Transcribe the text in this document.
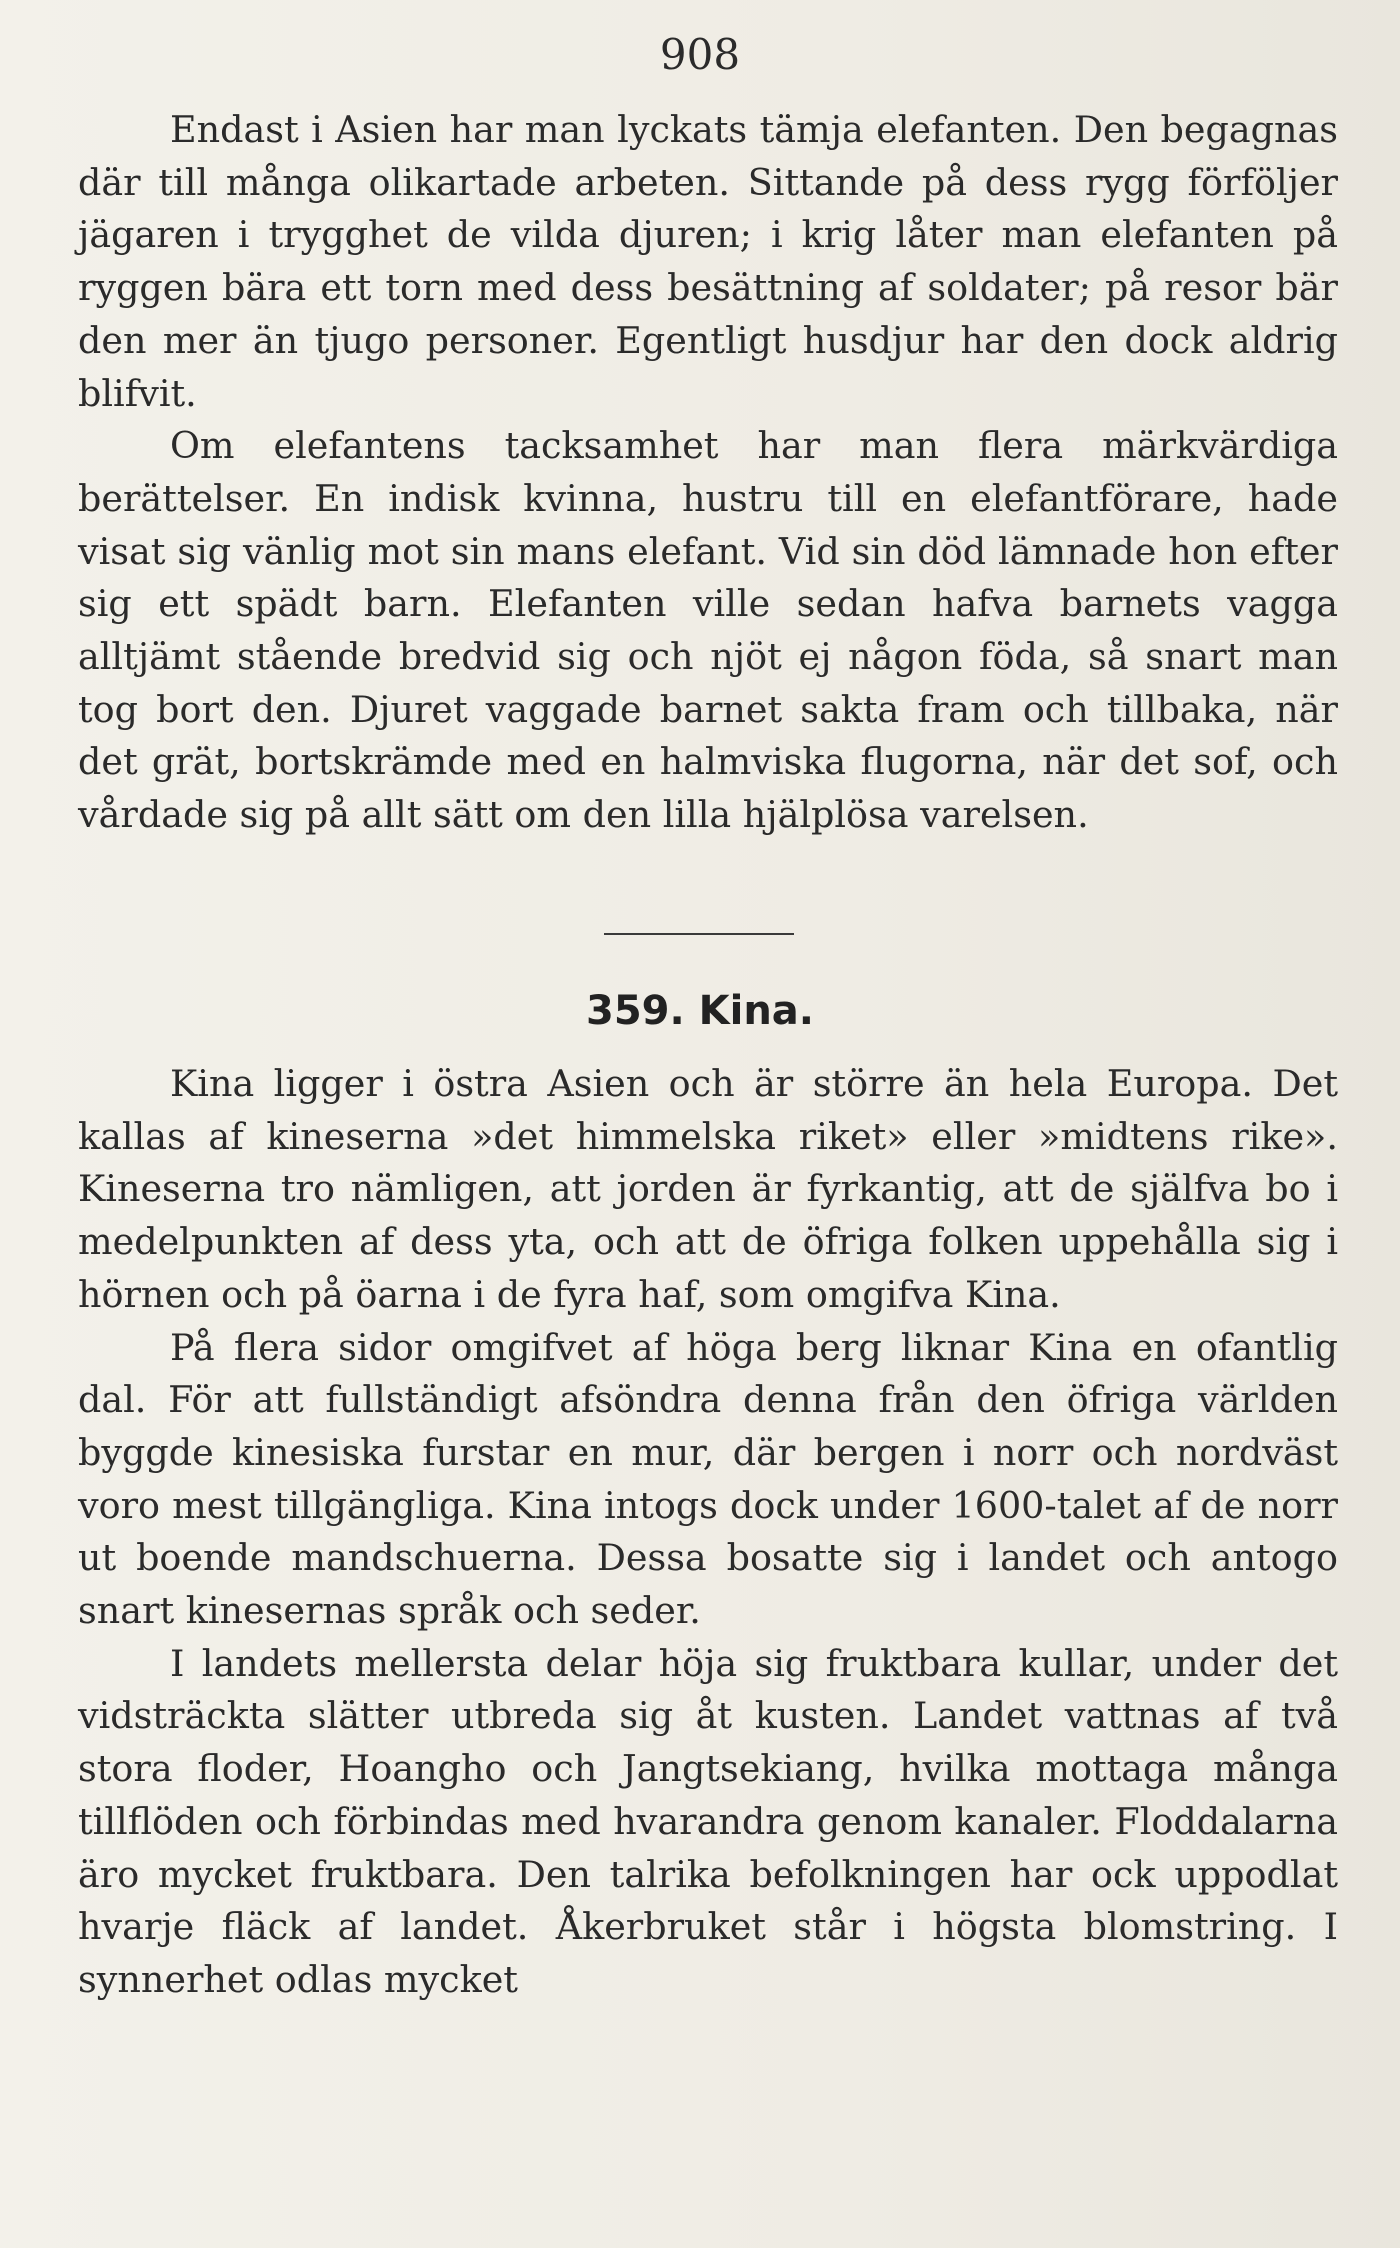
908

Endast i Asien har man lyckats tämja elefanten. Den begagnas där till många olikartade arbeten. Sittande på dess rygg förföljer jägaren i trygghet de vilda djuren; i krig låter man elefanten på ryggen bära ett torn med dess besättning af soldater; på resor bär den mer än tjugo personer. Egentligt husdjur har den dock aldrig blifvit.

Om elefantens tacksamhet har man flera märkvärdiga berättelser. En indisk kvinna, hustru till en elefantförare, hade visat sig vänlig mot sin mans elefant. Vid sin död lämnade hon efter sig ett spädt barn. Elefanten ville sedan hafva barnets vagga alltjämt stående bredvid sig och njöt ej någon föda, så snart man tog bort den. Djuret vaggade barnet sakta fram och tillbaka, när det grät, bortskrämde med en halmviska flugorna, när det sof, och vårdade sig på allt sätt om den lilla hjälplösa varelsen.

359. Kina.

Kina ligger i östra Asien och är större än hela Europa. Det kallas af kineserna »det himmelska riket» eller »midtens rike». Kineserna tro nämligen, att jorden är fyrkantig, att de själfva bo i medelpunkten af dess yta, och att de öfriga folken uppehålla sig i hörnen och på öarna i de fyra haf, som omgifva Kina.

På flera sidor omgifvet af höga berg liknar Kina en ofantlig dal. För att fullständigt afsöndra denna från den öfriga världen byggde kinesiska furstar en mur, där bergen i norr och nordväst voro mest tillgängliga. Kina intogs dock under 1600-talet af de norr ut boende mandschuerna. Dessa bosatte sig i landet och antogo snart kinesernas språk och seder.

I landets mellersta delar höja sig fruktbara kullar, under det vidsträckta slätter utbreda sig åt kusten. Landet vattnas af två stora floder, Hoangho och Jangtsekiang, hvilka mottaga många tillflöden och förbindas med hvarandra genom kanaler. Floddalarna äro mycket fruktbara. Den talrika befolkningen har ock uppodlat hvarje fläck af landet. Åkerbruket står i högsta blomstring. I synnerhet odlas mycket
